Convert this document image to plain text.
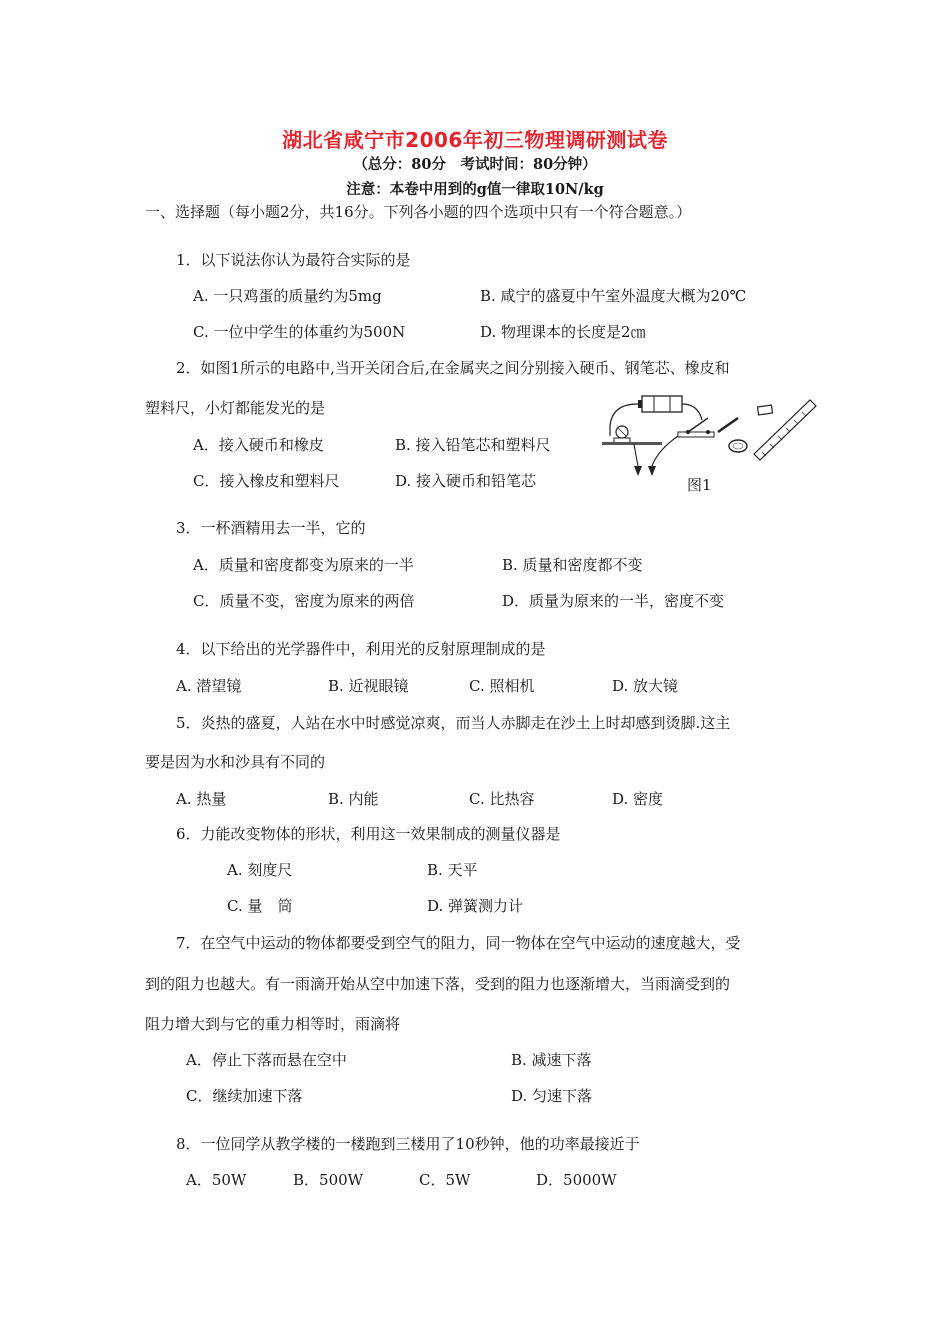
湖北省咸宁市2006年初三物理调研测试卷
（总分：80分　考试时间：80分钟）
注意：本卷中用到的g值一律取10N/kg
一、选择题（每小题2分，共16分。下列各小题的四个选项中只有一个符合题意。）
1．以下说法你认为最符合实际的是
A. 一只鸡蛋的质量约为5mg	B. 咸宁的盛夏中午室外温度大概为20℃
C. 一位中学生的体重约为500N	D. 物理课本的长度是2㎝
2．如图1所示的电路中,当开关闭合后,在金属夹之间分别接入硬币、钢笔芯、橡皮和
塑料尺，小灯都能发光的是
A．接入硬币和橡皮	B. 接入铅笔芯和塑料尺
C．接入橡皮和塑料尺	D. 接入硬币和铅笔芯	图1
3．一杯酒精用去一半，它的
A．质量和密度都变为原来的一半	B. 质量和密度都不变
C．质量不变，密度为原来的两倍	D．质量为原来的一半，密度不变
4．以下给出的光学器件中，利用光的反射原理制成的是
A. 潜望镜	B. 近视眼镜	C. 照相机	D. 放大镜
5．炎热的盛夏，人站在水中时感觉凉爽，而当人赤脚走在沙土上时却感到烫脚.这主
要是因为水和沙具有不同的
A. 热量	B. 内能	C. 比热容	D. 密度
6．力能改变物体的形状，利用这一效果制成的测量仪器是
A. 刻度尺	B. 天平
C. 量　筒	D. 弹簧测力计
7．在空气中运动的物体都要受到空气的阻力，同一物体在空气中运动的速度越大，受
到的阻力也越大。有一雨滴开始从空中加速下落，受到的阻力也逐渐增大，当雨滴受到的
阻力增大到与它的重力相等时，雨滴将
A．停止下落而悬在空中	B. 减速下落
C．继续加速下落	D. 匀速下落
8．一位同学从教学楼的一楼跑到三楼用了10秒钟，他的功率最接近于
A．50W	B．500W	C．5W	D．5000W
